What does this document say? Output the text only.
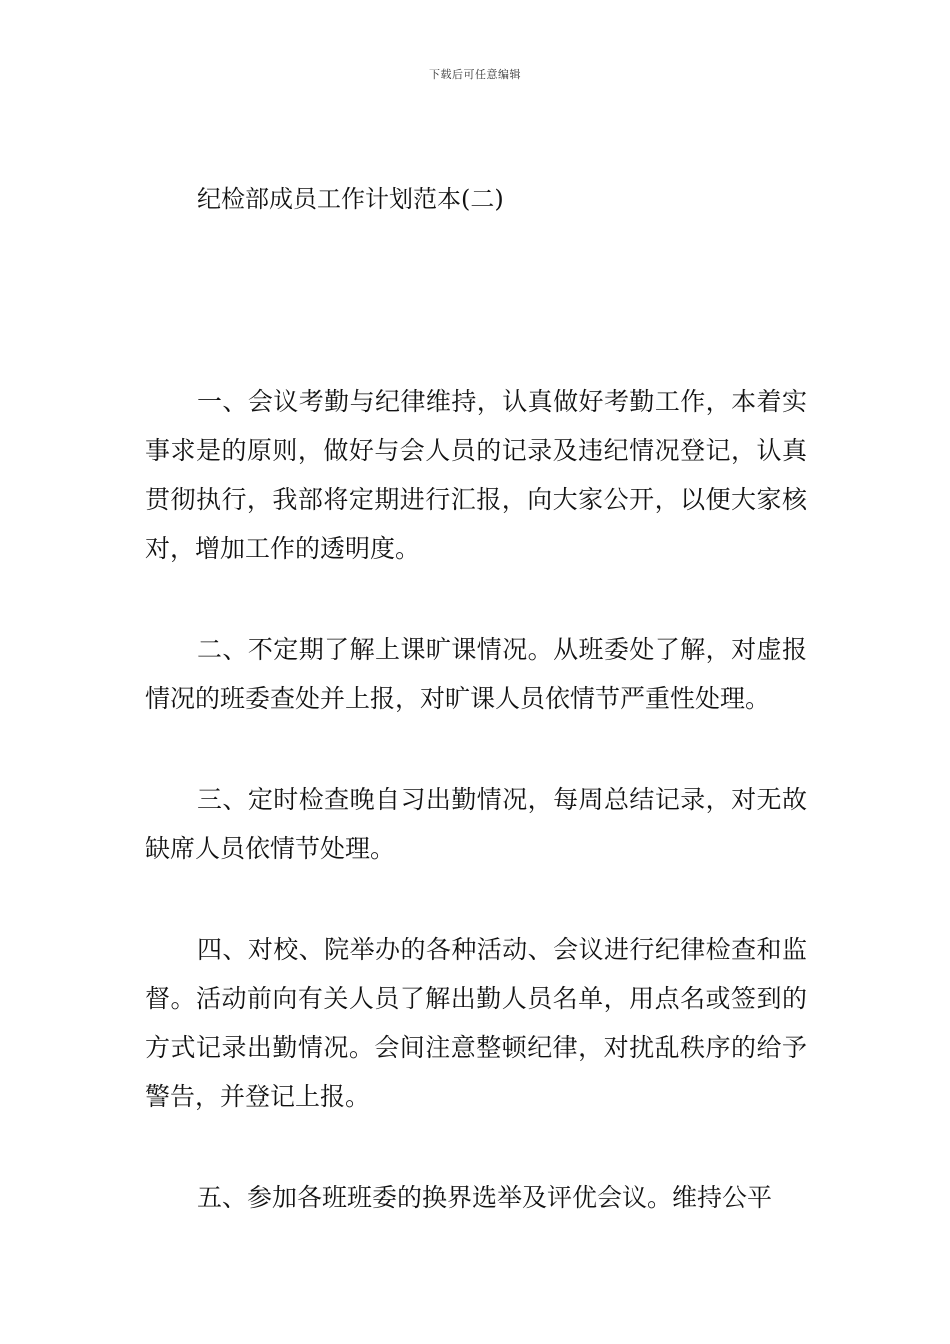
下载后可任意编辑
纪检部成员工作计划范本(二)

一、会议考勤与纪律维持，认真做好考勤工作，本着实事求是的原则，做好与会人员的记录及违纪情况登记，认真贯彻执行，我部将定期进行汇报，向大家公开，以便大家核对，增加工作的透明度。

二、不定期了解上课旷课情况。从班委处了解，对虚报情况的班委查处并上报，对旷课人员依情节严重性处理。

三、定时检查晚自习出勤情况，每周总结记录，对无故缺席人员依情节处理。

四、对校、院举办的各种活动、会议进行纪律检查和监督。活动前向有关人员了解出勤人员名单，用点名或签到的方式记录出勤情况。会间注意整顿纪律，对扰乱秩序的给予警告，并登记上报。

五、参加各班班委的换界选举及评优会议。维持公平
